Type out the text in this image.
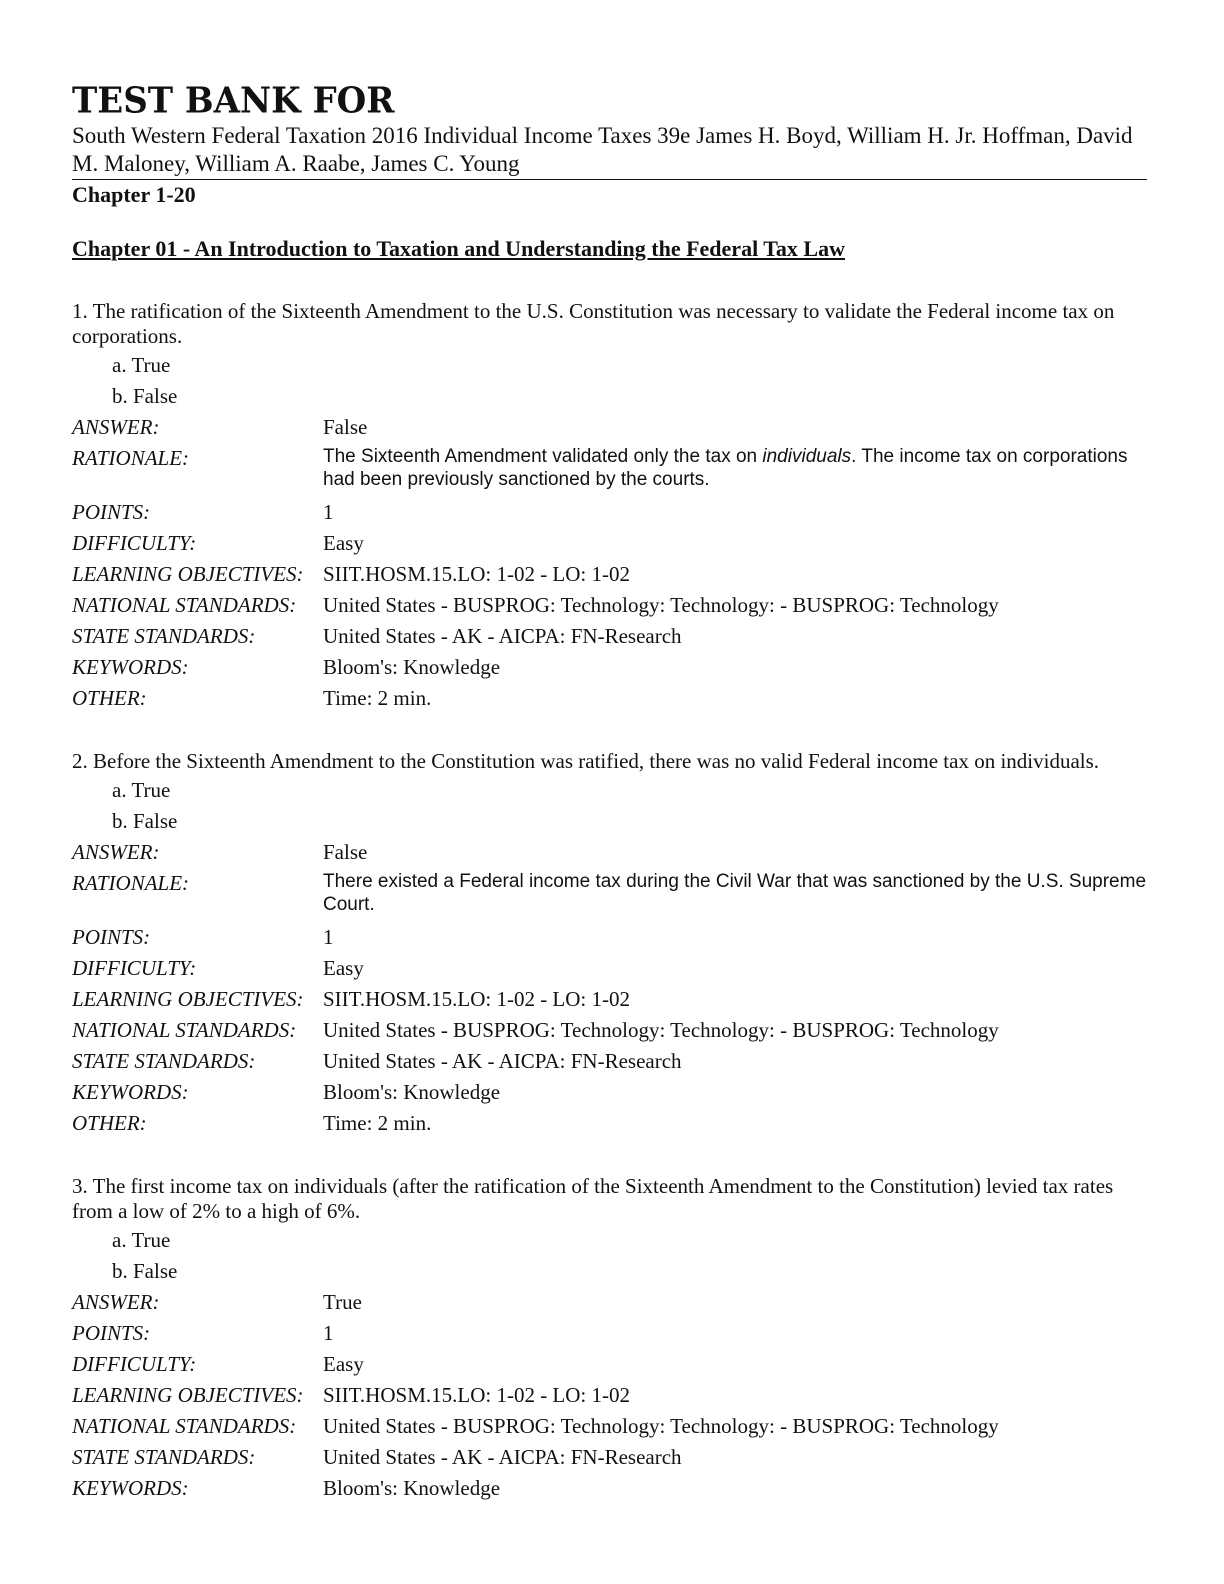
TEST BANK FOR
South Western Federal Taxation 2016 Individual Income Taxes 39e James H. Boyd, William H. Jr. Hoffman, David M. Maloney, William A. Raabe, James C. Young
Chapter 1-20
Chapter 01 - An Introduction to Taxation and Understanding the Federal Tax Law
1. The ratification of the Sixteenth Amendment to the U.S. Constitution was necessary to validate the Federal income tax on corporations.
a. True
b. False
ANSWER:	False
RATIONALE:	The Sixteenth Amendment validated only the tax on individuals. The income tax on corporations had been previously sanctioned by the courts.
POINTS:	1
DIFFICULTY:	Easy
LEARNING OBJECTIVES: SIIT.HOSM.15.LO: 1-02 - LO: 1-02
NATIONAL STANDARDS:	United States - BUSPROG: Technology: Technology: - BUSPROG: Technology
STATE STANDARDS:	United States - AK - AICPA: FN-Research
KEYWORDS:	Bloom's: Knowledge
OTHER:	Time: 2 min.
2. Before the Sixteenth Amendment to the Constitution was ratified, there was no valid Federal income tax on individuals.
a. True
b. False
ANSWER:	False
RATIONALE:	There existed a Federal income tax during the Civil War that was sanctioned by the U.S. Supreme Court.
POINTS:	1
DIFFICULTY:	Easy
LEARNING OBJECTIVES: SIIT.HOSM.15.LO: 1-02 - LO: 1-02
NATIONAL STANDARDS:	United States - BUSPROG: Technology: Technology: - BUSPROG: Technology
STATE STANDARDS:	United States - AK - AICPA: FN-Research
KEYWORDS:	Bloom's: Knowledge
OTHER:	Time: 2 min.
3. The first income tax on individuals (after the ratification of the Sixteenth Amendment to the Constitution) levied tax rates from a low of 2% to a high of 6%.
a. True
b. False
ANSWER:	True
POINTS:	1
DIFFICULTY:	Easy
LEARNING OBJECTIVES: SIIT.HOSM.15.LO: 1-02 - LO: 1-02
NATIONAL STANDARDS:	United States - BUSPROG: Technology: Technology: - BUSPROG: Technology
STATE STANDARDS:	United States - AK - AICPA: FN-Research
KEYWORDS:	Bloom's: Knowledge
